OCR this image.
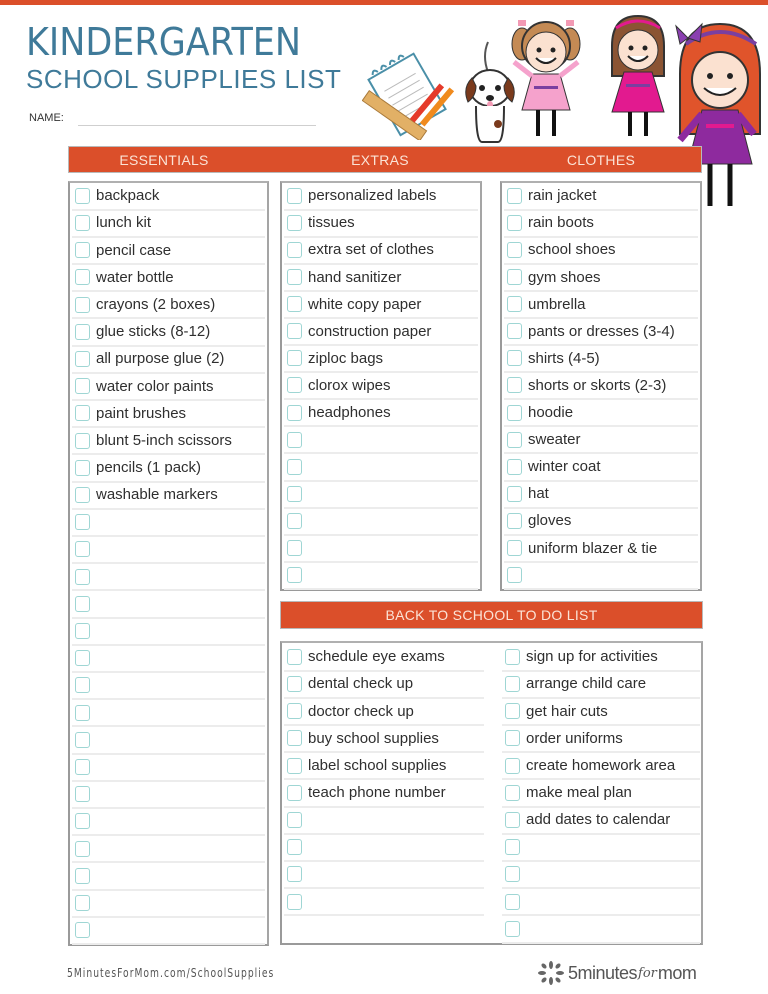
KINDERGARTEN
SCHOOL SUPPLIES LIST
NAME:
ESSENTIALS	EXTRAS	CLOTHES
backpack
lunch kit
pencil case
water bottle
crayons (2 boxes)
glue sticks (8-12)
all purpose glue (2)
water color paints
paint brushes
blunt 5-inch scissors
pencils (1 pack)
washable markers
personalized labels
tissues
extra set of clothes
hand sanitizer
white copy paper
construction paper
ziploc bags
clorox wipes
headphones
rain jacket
rain boots
school shoes
gym shoes
umbrella
pants or dresses (3-4)
shirts (4-5)
shorts or skorts (2-3)
hoodie
sweater
winter coat
hat
gloves
uniform blazer & tie
BACK TO SCHOOL TO DO LIST
schedule eye exams
dental check up
doctor check up
buy school supplies
label school supplies
teach phone number
sign up for activities
arrange child care
get hair cuts
order uniforms
create homework area
make meal plan
add dates to calendar
5MinutesForMom.com/SchoolSupplies	5minutes for mom
